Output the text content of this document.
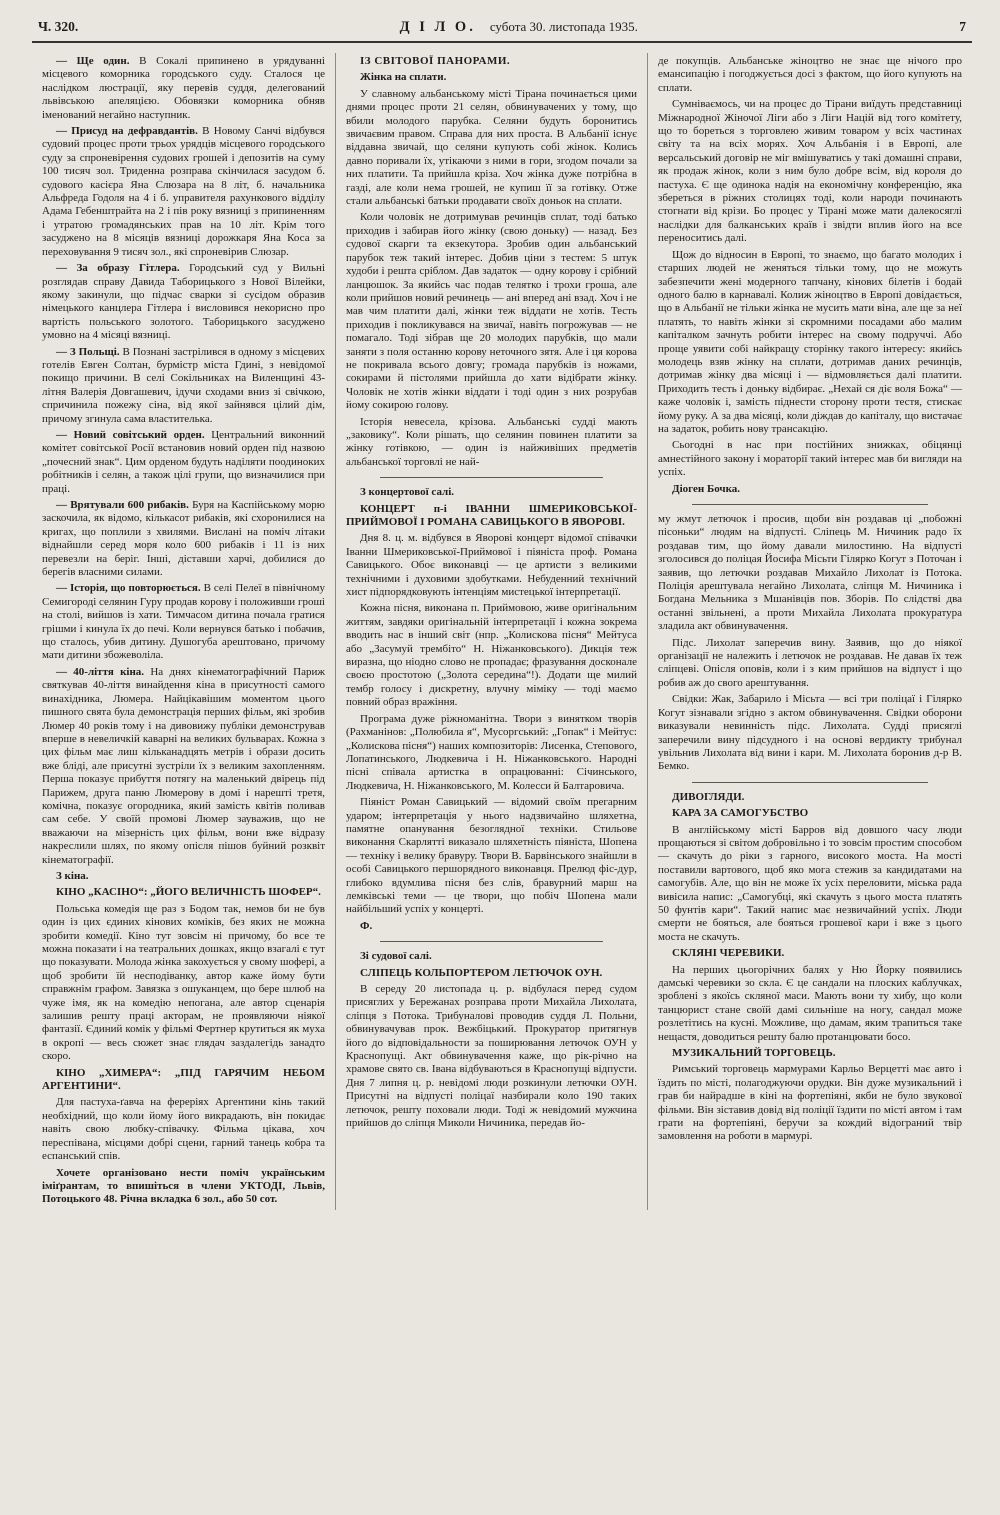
Ч. 320.	Д І Л О. субота 30. листопада 1935.	7

— Ще один. В Сокалі припинено в урядуванні місцевого коморника городського суду. Сталося це наслідком люстрації, яку перевів суддя, делегований львівською апеляцією. Обовязки коморника обняв іменований негайно наступник.

— Присуд на дефравдантів. В Новому Санчі відбувся судовий процес проти трьох урядців місцевого городського суду за спроневірення судових грошей і депозитів на суму 100 тисяч зол. Триденна розправа скінчилася засудом б. судового касієра Яна Слюзара на 8 літ, б. начальника Альфреда Годоля на 4 і б. управителя рахункового відділу Адама Гебенштрайта на 2 і пів року вязниці з припиненням і утратою громадянських прав на 10 літ. Крім того засуджено на 8 місяців вязниці дорожкаря Яна Коса за переховування 9 тисяч зол., які спроневірив Слюзар.

— За образу Гітлера. Городський суд у Вильні розглядав справу Давида Таборицького з Нової Вілейки, якому закинули, що підчас сварки зі сусідом образив німецького канцлера Гітлера і висловився некорисно про вартість польського золотого. Таборицького засуджено умовно на 4 місяці вязниці.

— З Польщі. В Познані застрілився в одному з місцевих готелів Евген Солтан, бурмістр міста Гдині, з невідомої покищо причини. В селі Сокільниках на Виленщині 43-літня Валерія Довгашевич, ідучи сходами вниз зі свічкою, спричинила пожежу сіна, від якої зайнявся цілий дім, причому згинула сама властителька.

— Новий совітський орден. Центральний виконний комітет совітської Росії встановив новий орден під назвою „почесний знак“. Цим орденом будуть наділяти поодиноких робітників і селян, а також цілі групи, що визначилися при праці.

— Врятували 600 рибаків. Буря на Каспійському морю заскочила, як відомо, кількасот рибаків, які схоронилися на кригах, що поплили з хвилями. Вислані на поміч літаки віднайшли серед моря коло 600 рибаків і 11 із них перевезли на беріг. Інші, діставши харчі, добилися до берегів власними силами.

— Історія, що повторюється. В селі Пелеї в північному Семигороді селянин Гуру продав корову і положивши гроші на столі, вийшов із хати. Тимчасом дитина почала гратися грішми і кинула їх до печі. Коли вернувся батько і побачив, що сталось, убив дитину. Душогуба арештовано, причому мати дитини збожеволіла.

— 40-ліття кіна. На днях кінематографічний Париж святкував 40-ліття винайдення кіна в присутності самого винахідника, Люмера. Найцікавішим моментом цього пишного свята була демонстрація перших фільм, які зробив Люмер 40 років тому і на дивовижу публіки демонстрував вперше в невеличкій каварні на великих бульварах. Кожна з цих фільм має лиш кільканадцять метрів і образи досить вже бліді, але присутні зустріли їх з великим захопленням. Перша показує прибуття потягу на маленький двірець під Парижем, друга паню Люмерову в домі і нарешті третя, комічна, показує огородника, який замість квітів поливав сам себе. У своїй промові Люмер зауважив, що не вважаючи на мізерність цих фільм, вони вже відразу накреслили шлях, по якому опісля пішов буйний розквіт кінематографії.

З кіна.

КІНО „КАСІНО“: „ЙОГО ВЕЛИЧНІСТЬ ШОФЕР“.

Польська комедія ще раз з Бодом так, немов би не був один із цих єдиних кінових коміків, без яких не можна зробити комедії. Кіно тут зовсім ні причому, бо все те можна показати і на театральних дошках, якщо взагалі є тут що показувати. Молода жінка закохується у свому шофері, а щоб зробити їй несподіванку, автор каже йому бути справжнім графом. Завязка з ошуканцем, що бере шлюб на чуже імя, як на комедію непогана, але автор сценарія залишив решту праці акторам, не проявляючи ніякої фантазії. Єдиний комік у фільмі Фертнер крутиться як муха в окропі — весь сюжет знає глядач заздалегідь занадто скоро.

КІНО „ХИМЕРА“: „ПІД ГАРЯЧИМ НЕБОМ АРГЕНТИНИ“.

Для пастуха-ґавча на фереріях Аргентини кінь такий необхідний, що коли йому його викрадають, він покидає навіть свою любку-співачку. Фільма цікава, хоч переспівана, місцями добрі сцени, гарний танець кобра та еспанський спів.

Хочете організовано нести поміч українським іміґрантам, то впишіться в члени УКТОДІ, Львів, Потоцького 48. Річна вкладка 6 зол., або 50 сот.

ІЗ СВІТОВОЇ ПАНОРАМИ.

Жінка на сплати.

У славному альбанському місті Тірана починається цими днями процес проти 21 селян, обвинувачених у тому, що вбили молодого парубка. Селяни будуть боронитись звичаєвим правом. Справа для них проста. В Альбанії існує віддавна звичай, що селяни купують собі жінок. Колись давно поривали їх, утікаючи з ними в гори, згодом почали за них платити. Та прийшла кріза. Хоч жінка дуже потрібна в газді, але коли нема грошей, не купиш її за готівку. Отже стали альбанські батьки продавати своїх доньок на сплати.

Коли чоловік не дотримував речинців сплат, тоді батько приходив і забирав його жінку (свою доньку) — назад. Без судової скарги та екзекутора. Зробив один альбанський парубок теж такий інтерес. Добив ціни з тестем: 5 штук худоби і решта сріблом. Дав задаток — одну корову і срібний ланцюшок. За якийсь час подав телятко і трохи гроша, але коли прийшов новий речинець — ані вперед ані взад. Хоч і не мав чим платити далі, жінки теж віддати не хотів. Тесть приходив і покликувався на звичаї, навіть погрожував — не помагало. Тоді зібрав ще 20 молодих парубків, що мали заняти з поля останню корову неточного зятя. Але і ця корова не покривала всього довгу; громада парубків із ножами, сокирами й пістолями прийшла до хати відібрати жінку. Чоловік не хотів жінки віддати і тоді один з них розрубав йому сокирою голову.

Історія невесела, крізова. Альбанські судді мають „заковику“. Коли рішать, що селянин повинен платити за жінку готівкою, — один із найживіших предметів альбанської торговлі не най-

З концертової салі.

КОНЦЕРТ п-і ІВАННИ ШМЕРИКОВСЬКОЇ-ПРИЙМОВОЇ І РОМАНА САВИЦЬКОГО В ЯВОРОВІ.

Дня 8. ц. м. відбувся в Яворові концерт відомої співачки Іванни Шмериковської-Приймової і піяніста проф. Романа Савицького. Обоє виконавці — це артисти з великими технічними і духовими здобутками. Небуденний технічний хист підпорядковують інтенціям мистецької інтерпретації.

Кожна пісня, виконана п. Приймовою, живе оригінальним життям, завдяки оригінальній інтерпретації і кожна зокрема вводить нас в інший світ (нпр. „Колискова пісня“ Мейтуса або „Засумуй трембіто“ Н. Ніжанковського). Дикція теж виразна, що ніодно слово не пропадає; фразування досконале своєю простотою („Золота середина“!). Додати ще милий тембр голосу і дискретну, влучну міміку — тоді маємо повний образ вражіння.

Програма дуже ріжноманітна. Твори з винятком творів (Рахманінов: „Полюбила я“, Мусоргський: „Гопак“ і Мейтус: „Колискова пісня“) наших композиторів: Лисенка, Степового, Лопатинського, Людкевича і Н. Ніжанковського. Народні пісні співала артистка в опрацюванні: Січинського, Людкевича, Н. Ніжанковського, М. Колесси й Балтаровича.

Піяніст Роман Савицький — відомий своїм прегарним ударом; інтерпретація у нього надзвичайно шляхетна, памятне опанування безоглядної техніки. Стильове виконання Скарлятті виказало шляхетність піяніста, Шопена — техніку і велику бравуру. Твори В. Барвінського знайшли в особі Савицького першорядного виконавця. Прелюд фіс-дур, глибоко вдумлива пісня без слів, бравурний марш на лемківські теми — це твори, що побіч Шопена мали найбільший успіх у концерті.

Ф.

Зі судової салі.

СЛІПЕЦЬ КОЛЬПОРТЕРОМ ЛЕТЮЧОК ОУН.

В середу 20 листопада ц. р. відбулася перед судом присяглих у Бережанах розправа проти Михайла Лихолата, сліпця з Потока. Трибуналові проводив суддя Л. Польни, обвинувачував прок. Вежбіцький. Прокуратор притягнув його до відповідальности за поширювання летючок ОУН у Краснопущі. Акт обвинувачення каже, що рік-річно на храмове свято св. Івана відбуваються в Краснопущі відпусти. Дня 7 липня ц. р. невідомі люди розкинули летючки ОУН. Присутні на відпусті поліцаї назбирали коло 190 таких летючок, решту поховали люди. Тоді ж невідомий мужчина прийшов до сліпця Миколи Ничиника, передав йо-

де покупців. Альбанське жіноцтво не знає ще нічого про емансипацію і погоджується досі з фактом, що його купують на сплати.

Сумніваємось, чи на процес до Тірани виїдуть представниці Міжнародної Жіночої Ліги або з Ліги Націй від того комітету, що то бореться з торговлею живим товаром у всіх частинах світу та на всіх морях. Хоч Альбанія і в Европі, але версальський договір не міг вмішуватись у такі домашні справи, як продаж жінок, коли з ним було добре всім, від короля до пастуха. Є ще одинока надія на економічну конференцію, яка збереться в ріжних столицях тоді, коли народи починають стогнати від крізи. Бо процес у Тірані може мати далекосяглі наслідки для балканських країв і звідти вплив його на все переноситись далі.

Щож до відносин в Европі, то знаємо, що багато молодих і старших людей не женяться тільки тому, що не можуть забезпечити жені модерного тапчану, кінових білетів і бодай одного балю в карнавалі. Колиж жіноцтво в Европі довідається, що в Альбанії не тільки жінка не мусить мати віна, але ще за неї платять, то навіть жінки зі скромними посадами або малим капіталком зачнуть робити інтерес на свому подруччі. Або проще уявити собі найкращу сторінку такого інтересу: якийсь молодець взяв жінку на сплати, дотримав даних речинців, дотримав жінку два місяці і — відмовляється далі платити. Приходить тесть і доньку відбирає. „Нехай ся діє воля Божа“ — каже чоловік і, замість піднести сторону проти тестя, стискає йому руку. А за два місяці, коли діждав до капіталу, що вистачає на задаток, робить нову трансакцію.

Сьогодні в нас при постійних знижках, обіцянці амнестійного закону і мораторії такий інтерес мав би вигляди на успіх.

Діоген Бочка.

му жмут летючок і просив, щоби він роздавав ці „побожні пісоньки“ людям на відпусті. Сліпець М. Ничиник радо їх роздавав тим, що йому давали милостиню. На відпусті зголосився до поліцая Йосифа Місьти Гілярко Когут з Поточан і заявив, що летючки роздавав Михайло Лихолат із Потока. Поліція арештувала негайно Лихолата, сліпця М. Ничиника і Богдана Мельника з Мшанівців пов. Зборів. По слідстві два останні звільнені, а проти Михайла Лихолата прокуратура зладила акт обвинувачення.

Підс. Лихолат заперечив вину. Заявив, що до ніякої організації не належить і летючок не роздавав. Не давав їх теж сліпцеві. Опісля оповів, коли і з ким прийшов на відпуст і що робив аж до свого арештування.

Свідки: Жак, Забарило і Місьта — всі три поліцаї і Гілярко Когут зізнавали згідно з актом обвинувачення. Свідки оборони виказували невинність підс. Лихолата. Судді присяглі заперечили вину підсудного і на основі вердикту трибунал увільнив Лихолата від вини і кари. М. Лихолата боронив д-р В. Бемко.

ДИВОГЛЯДИ.

КАРА ЗА САМОГУБСТВО

В англійському місті Барров від довшого часу люди прощаються зі світом добровільно і то зовсім простим способом — скачуть до ріки з гарного, високого моста. На мості поставили вартового, щоб яко мога стежив за кандидатами на самогубів. Але, що він не може їх усіх переловити, міська рада вивісила напис: „Самогубці, які скачуть з цього моста платять 50 фунтів кари“. Такий напис має незвичайний успіх. Люди смерти не бояться, але бояться грошевої кари і вже з цього моста не скачуть.

СКЛЯНІ ЧЕРЕВИКИ.

На перших цьогорічних балях у Ню Йорку появились дамські черевики зо скла. Є це сандали на плоских каблучках, зроблені з якоїсь скляної маси. Мають вони ту хибу, що коли танцюрист стане своїй дамі сильніше на ногу, сандал може розлетітись на кусні. Можливе, що дамам, яким трапиться таке нещастя, доводиться решту балю протанцювати босо.

МУЗИКАЛЬНИЙ ТОРГОВЕЦЬ.

Римський торговець мармурами Карльо Верцетті має авто і їздить по місті, полагоджуючи орудки. Він дуже музикальний і грав би найрадше в кіні на фортепіяні, якби не було звукової фільми. Він зіставив довід від поліції їздити по місті автом і там грати на фортепіяні, беручи за кождий відограний твір замовлення на роботи в мармурі.
